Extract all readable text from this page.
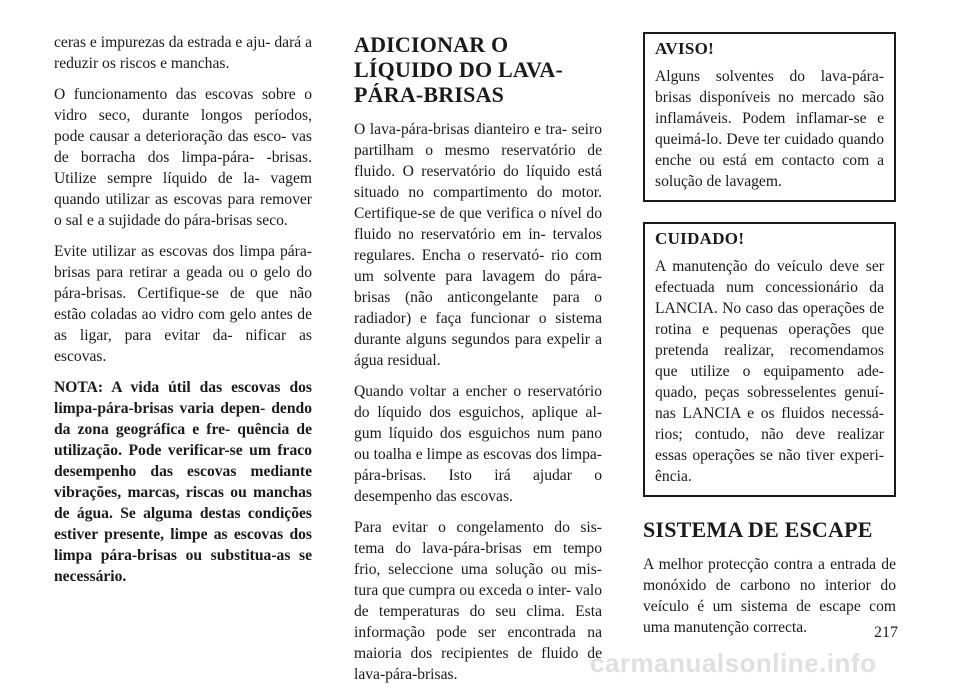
ceras e impurezas da estrada e aju- dará a reduzir os riscos e manchas.

O funcionamento das escovas sobre o vidro seco, durante longos períodos, pode causar a deterioração das esco- vas de borracha dos limpa-pára- -brisas. Utilize sempre líquido de la- vagem quando utilizar as escovas para remover o sal e a sujidade do pára-brisas seco.

Evite utilizar as escovas dos limpa pára-brisas para retirar a geada ou o gelo do pára-brisas. Certifique-se de que não estão coladas ao vidro com gelo antes de as ligar, para evitar da- nificar as escovas.

NOTA: A vida útil das escovas dos limpa-pára-brisas varia depen- dendo da zona geográfica e fre- quência de utilização. Pode verificar-se um fraco desempenho das escovas mediante vibrações, marcas, riscas ou manchas de água. Se alguma destas condições estiver presente, limpe as escovas dos limpa pára-brisas ou substitua-as se necessário.

ADICIONAR O LÍQUIDO DO LAVA-PÁRA-BRISAS

O lava-pára-brisas dianteiro e tra- seiro partilham o mesmo reservatório de fluido. O reservatório do líquido está situado no compartimento do motor. Certifique-se de que verifica o nível do fluido no reservatório em in- tervalos regulares. Encha o reservató- rio com um solvente para lavagem do pára-brisas (não anticongelante para o radiador) e faça funcionar o sistema durante alguns segundos para expelir a água residual.

Quando voltar a encher o reservatório do líquido dos esguichos, aplique al- gum líquido dos esguichos num pano ou toalha e limpe as escovas dos limpa-pára-brisas. Isto irá ajudar o desempenho das escovas.

Para evitar o congelamento do sis- tema do lava-pára-brisas em tempo frio, seleccione uma solução ou mis- tura que cumpra ou exceda o inter- valo de temperaturas do seu clima. Esta informação pode ser encontrada na maioria dos recipientes de fluido de lava-pára-brisas.

AVISO!

Alguns solventes do lava-pára- brisas disponíveis no mercado são inflamáveis. Podem inflamar-se e queimá-lo. Deve ter cuidado quando enche ou está em contacto com a solução de lavagem.

CUIDADO!

A manutenção do veículo deve ser efectuada num concessionário da LANCIA. No caso das operações de rotina e pequenas operações que pretenda realizar, recomendamos que utilize o equipamento ade- quado, peças sobresselentes genuí- nas LANCIA e os fluidos necessá- rios; contudo, não deve realizar essas operações se não tiver experi- ência.

SISTEMA DE ESCAPE

A melhor protecção contra a entrada de monóxido de carbono no interior do veículo é um sistema de escape com uma manutenção correcta.	217
carmanualsonline.info
